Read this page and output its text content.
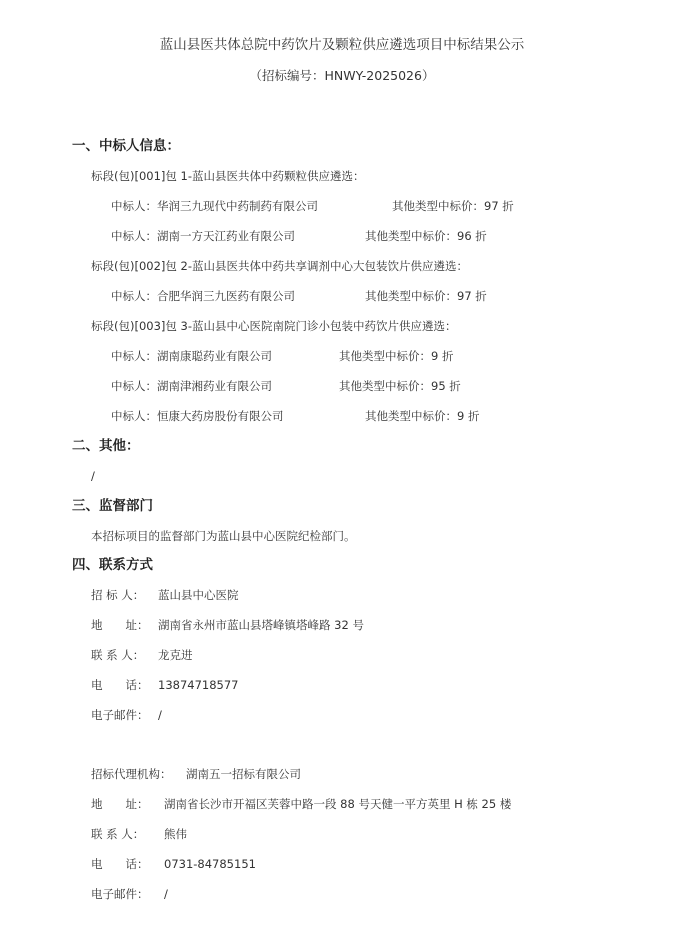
蓝山县医共体总院中药饮片及颗粒供应遴选项目中标结果公示
（招标编号：HNWY-2025026）
一、中标人信息：
标段(包)[001]包 1-蓝山县医共体中药颗粒供应遴选：
中标人：华润三九现代中药制药有限公司	其他类型中标价：97 折
中标人：湖南一方天江药业有限公司	其他类型中标价：96 折
标段(包)[002]包 2-蓝山县医共体中药共享调剂中心大包装饮片供应遴选：
中标人：合肥华润三九医药有限公司	其他类型中标价：97 折
标段(包)[003]包 3-蓝山县中心医院南院门诊小包装中药饮片供应遴选：
中标人：湖南康聪药业有限公司	其他类型中标价：9 折
中标人：湖南津湘药业有限公司	其他类型中标价：95 折
中标人：恒康大药房股份有限公司	其他类型中标价：9 折
二、其他：
/
三、监督部门
本招标项目的监督部门为蓝山县中心医院纪检部门。
四、联系方式
招 标 人： 蓝山县中心医院
地　　址： 湖南省永州市蓝山县塔峰镇塔峰路 32 号
联 系 人： 龙克进
电　　话： 13874718577
电子邮件： /
招标代理机构： 湖南五一招标有限公司
地　　址： 湖南省长沙市开福区芙蓉中路一段 88 号天健一平方英里 H 栋 25 楼
联 系 人： 熊伟
电　　话： 0731-84785151
电子邮件： /
